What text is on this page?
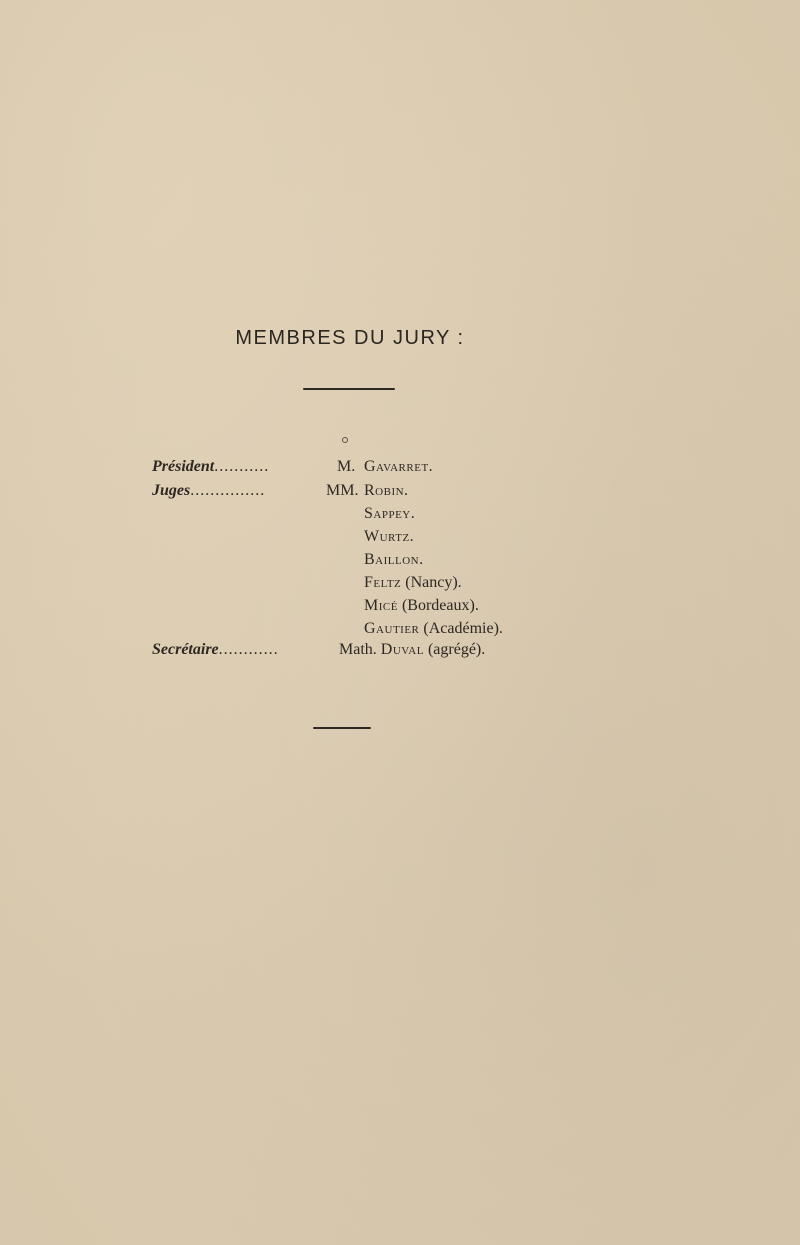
MEMBRES DU JURY :
Président...........	M. Gavarret.
Juges...............	MM. Robin.
Sappey.
Wurtz.
Baillon.
Feltz (Nancy).
Micé (Bordeaux).
Gautier (Académie).
Secrétaire............	Math. Duval (agrégé).
